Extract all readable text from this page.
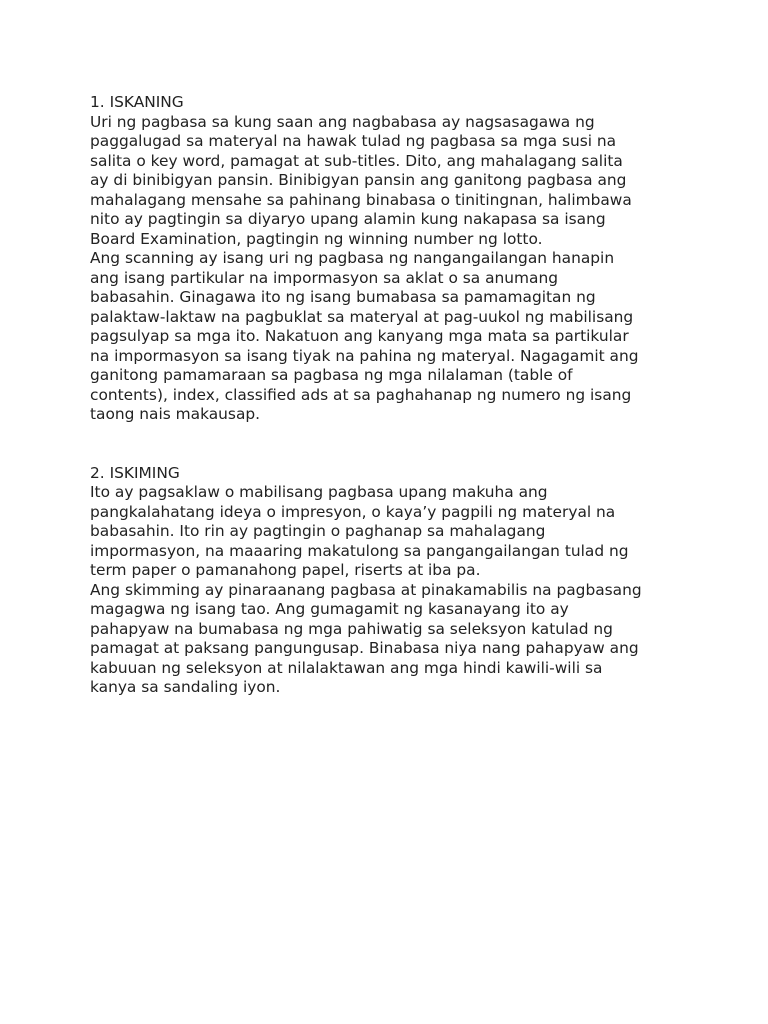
1. ISKANING
Uri ng pagbasa sa kung saan ang nagbabasa ay nagsasagawa ng
paggalugad sa materyal na hawak tulad ng pagbasa sa mga susi na
salita o key word, pamagat at sub-titles. Dito, ang mahalagang salita
ay di binibigyan pansin. Binibigyan pansin ang ganitong pagbasa ang
mahalagang mensahe sa pahinang binabasa o tinitingnan, halimbawa
nito ay pagtingin sa diyaryo upang alamin kung nakapasa sa isang
Board Examination, pagtingin ng winning number ng lotto.
Ang scanning ay isang uri ng pagbasa ng nangangailangan hanapin
ang isang partikular na impormasyon sa aklat o sa anumang
babasahin. Ginagawa ito ng isang bumabasa sa pamamagitan ng
palaktaw-laktaw na pagbuklat sa materyal at pag-uukol ng mabilisang
pagsulyap sa mga ito. Nakatuon ang kanyang mga mata sa partikular
na impormasyon sa isang tiyak na pahina ng materyal. Nagagamit ang
ganitong pamamaraan sa pagbasa ng mga nilalaman (table of
contents), index, classified ads at sa paghahanap ng numero ng isang
taong nais makausap.
2. ISKIMING
Ito ay pagsaklaw o mabilisang pagbasa upang makuha ang
pangkalahatang ideya o impresyon, o kaya’y pagpili ng materyal na
babasahin. Ito rin ay pagtingin o paghanap sa mahalagang
impormasyon, na maaaring makatulong sa pangangailangan tulad ng
term paper o pamanahong papel, riserts at iba pa.
Ang skimming ay pinaraanang pagbasa at pinakamabilis na pagbasang
magagwa ng isang tao. Ang gumagamit ng kasanayang ito ay
pahapyaw na bumabasa ng mga pahiwatig sa seleksyon katulad ng
pamagat at paksang pangungusap. Binabasa niya nang pahapyaw ang
kabuuan ng seleksyon at nilalaktawan ang mga hindi kawili-wili sa
kanya sa sandaling iyon.
